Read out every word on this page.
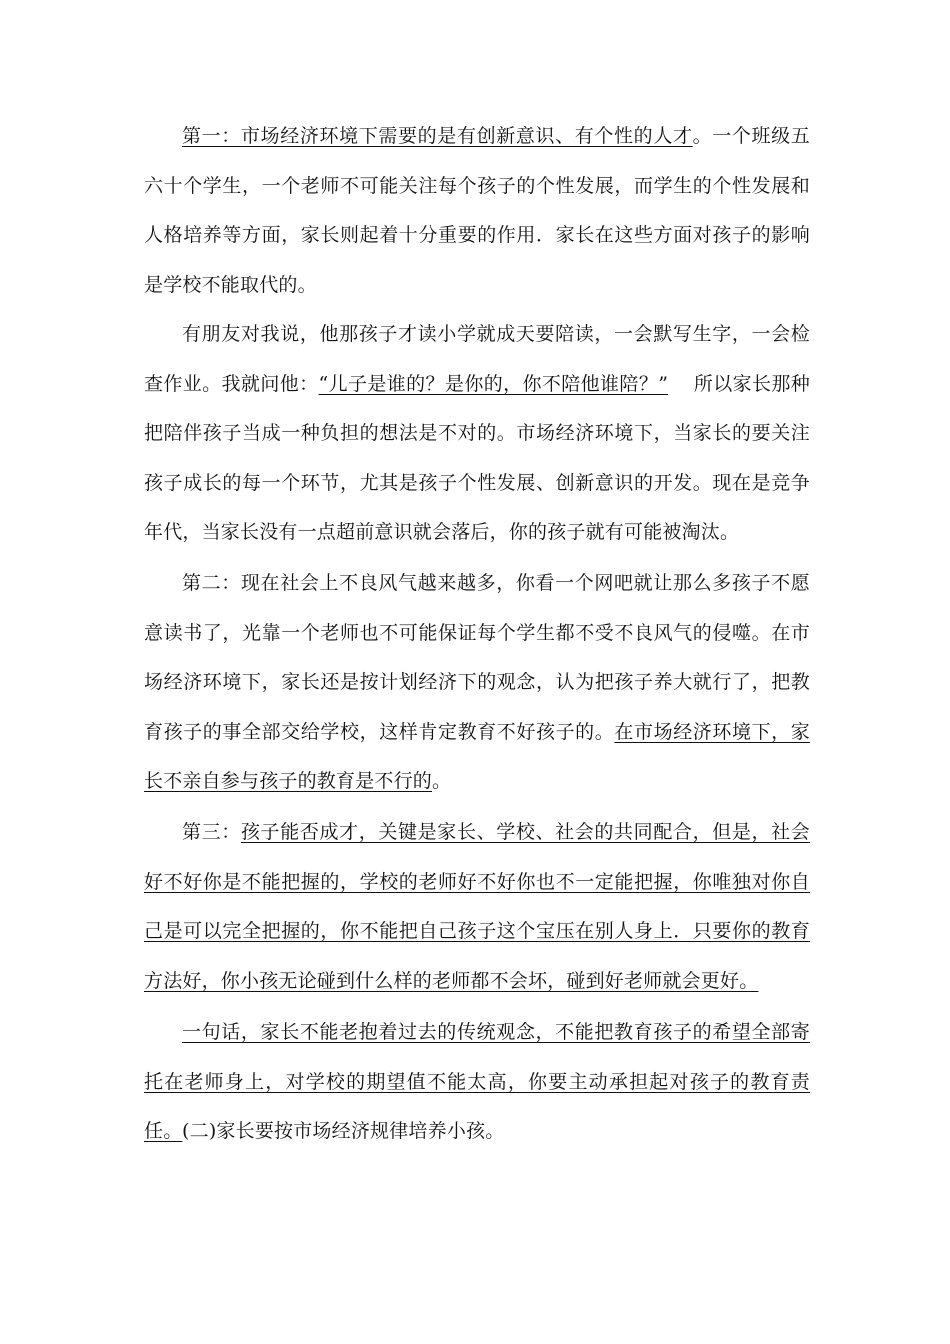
第一：市场经济环境下需要的是有创新意识、有个性的人才。一个班级五六十个学生，一个老师不可能关注每个孩子的个性发展，而学生的个性发展和人格培养等方面，家长则起着十分重要的作用．家长在这些方面对孩子的影响是学校不能取代的。

有朋友对我说，他那孩子才读小学就成天要陪读，一会默写生字，一会检查作业。我就问他：“儿子是谁的？是你的，你不陪他谁陪？” 所以家长那种把陪伴孩子当成一种负担的想法是不对的。市场经济环境下，当家长的要关注孩子成长的每一个环节，尤其是孩子个性发展、创新意识的开发。现在是竞争年代，当家长没有一点超前意识就会落后，你的孩子就有可能被淘汰。

第二：现在社会上不良风气越来越多，你看一个网吧就让那么多孩子不愿意读书了，光靠一个老师也不可能保证每个学生都不受不良风气的侵噬。在市场经济环境下，家长还是按计划经济下的观念，认为把孩子养大就行了，把教育孩子的事全部交给学校，这样肯定教育不好孩子的。在市场经济环境下，家长不亲自参与孩子的教育是不行的。

第三：孩子能否成才，关键是家长、学校、社会的共同配合，但是，社会好不好你是不能把握的，学校的老师好不好你也不一定能把握，你唯独对你自己是可以完全把握的，你不能把自己孩子这个宝压在别人身上．只要你的教育方法好，你小孩无论碰到什么样的老师都不会坏，碰到好老师就会更好。

一句话，家长不能老抱着过去的传统观念，不能把教育孩子的希望全部寄托在老师身上，对学校的期望值不能太高，你要主动承担起对孩子的教育责任。 (二)家长要按市场经济规律培养小孩。
